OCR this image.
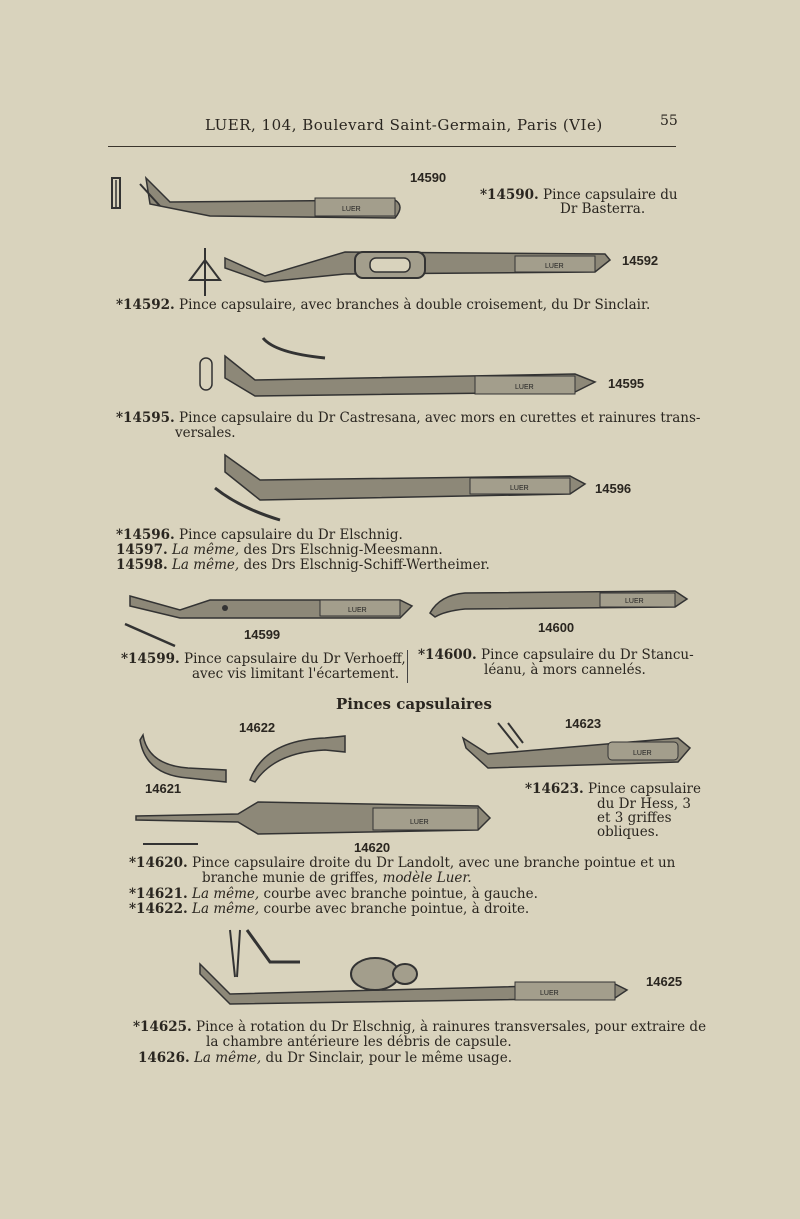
LUER, 104, Boulevard Saint-Germain, Paris (VIe)	55
LUER
14590
*14590. Pince capsulaire du
Dr Basterra.
LUER	14592
*14592. Pince capsulaire, avec branches à double croisement, du Dr Sinclair.
LUER	14595
*14595. Pince capsulaire du Dr Castresana, avec mors en curettes et rainures trans-
versales.
LUER	14596
*14596. Pince capsulaire du Dr Elschnig.
14597. La même, des Drs Elschnig-Meesmann.
14598. La même, des Drs Elschnig-Schiff-Wertheimer.
LUER
14599
*14599. Pince capsulaire du Dr Verhoeff,
avec vis limitant l'écartement.
LUER
14600
*14600. Pince capsulaire du Dr Stancu-
léanu, à mors cannelés.
Pinces capsulaires
14621
14622
LUER
14623
*14623. Pince capsulaire
du Dr Hess, 3
et 3 griffes
obliques.
LUER
14620
*14620. Pince capsulaire droite du Dr Landolt, avec une branche pointue et un
branche munie de griffes, modèle Luer.
*14621. La même, courbe avec branche pointue, à gauche.
*14622. La même, courbe avec branche pointue, à droite.
LUER
14625
*14625. Pince à rotation du Dr Elschnig, à rainures transversales, pour extraire de
la chambre antérieure les débris de capsule.
14626. La même, du Dr Sinclair, pour le même usage.
